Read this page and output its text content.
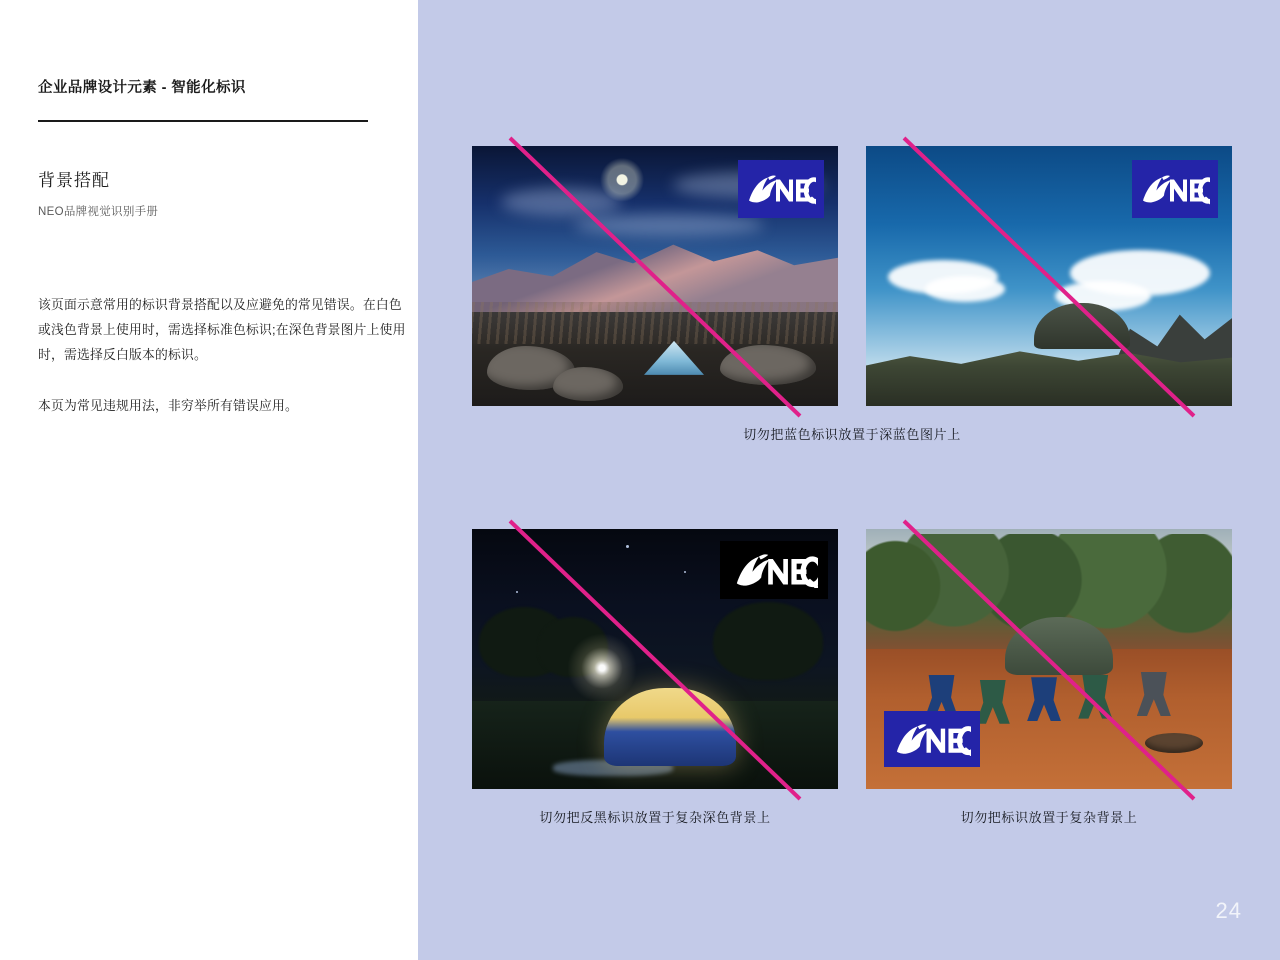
企业品牌设计元素 - 智能化标识
背景搭配
NEO品牌视觉识别手册

该页面示意常用的标识背景搭配以及应避免的常见错误。在白色或浅色背景上使用时，需选择标准色标识;在深色背景图片上使用时，需选择反白版本的标识。

本页为常见违规用法，非穷举所有错误应用。

切勿把蓝色标识放置于深蓝色图片上
切勿把反黑标识放置于复杂深色背景上	切勿把标识放置于复杂背景上
24
